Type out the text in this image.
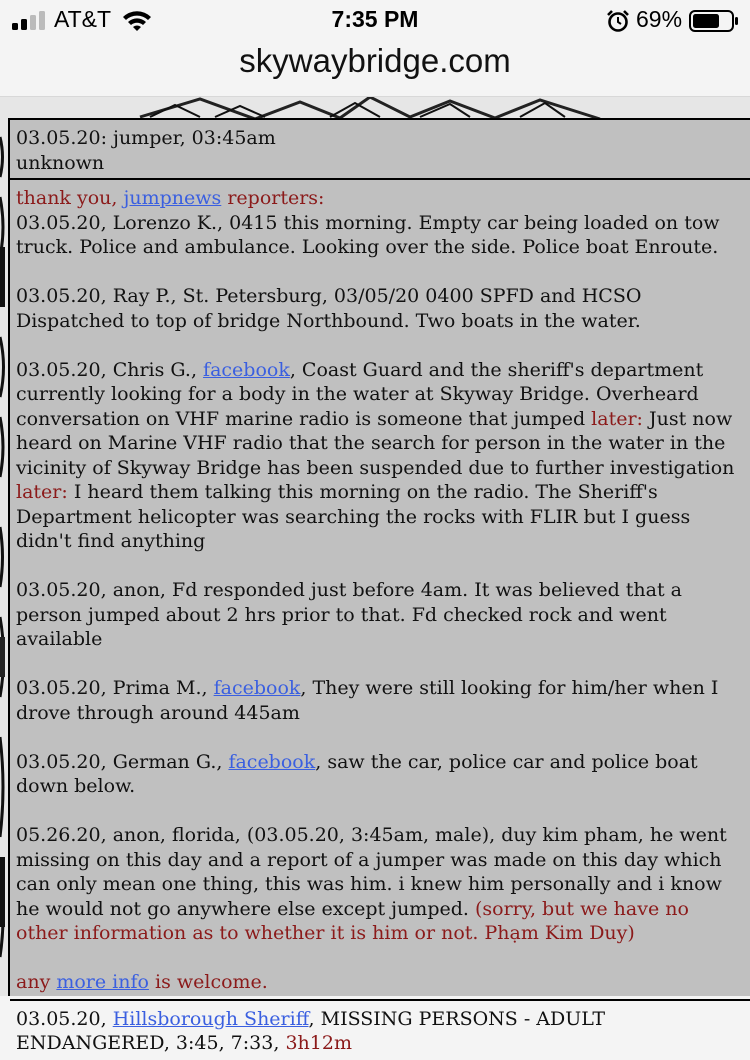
AT&T	7:35 PM	69%
skywaybridge.com
03.05.20: jumper, 03:45am
unknown
thank you, jumpnews reporters:
03.05.20, Lorenzo K., 0415 this morning. Empty car being loaded on tow truck. Police and ambulance. Looking over the side. Police boat Enroute.
03.05.20, Ray P., St. Petersburg, 03/05/20 0400 SPFD and HCSO Dispatched to top of bridge Northbound. Two boats in the water.
03.05.20, Chris G., facebook, Coast Guard and the sheriff's department currently looking for a body in the water at Skyway Bridge. Overheard conversation on VHF marine radio is someone that jumped later: Just now heard on Marine VHF radio that the search for person in the water in the vicinity of Skyway Bridge has been suspended due to further investigation later: I heard them talking this morning on the radio. The Sheriff's Department helicopter was searching the rocks with FLIR but I guess didn't find anything
03.05.20, anon, Fd responded just before 4am. It was believed that a person jumped about 2 hrs prior to that. Fd checked rock and went available
03.05.20, Prima M., facebook, They were still looking for him/her when I drove through around 445am
03.05.20, German G., facebook, saw the car, police car and police boat down below.
05.26.20, anon, florida, (03.05.20, 3:45am, male), duy kim pham, he went missing on this day and a report of a jumper was made on this day which can only mean one thing, this was him. i knew him personally and i know he would not go anywhere else except jumped. (sorry, but we have no other information as to whether it is him or not. Phạm Kim Duy)
any more info is welcome.
03.05.20, Hillsborough Sheriff, MISSING PERSONS - ADULT ENDANGERED, 3:45, 7:33, 3h12m
